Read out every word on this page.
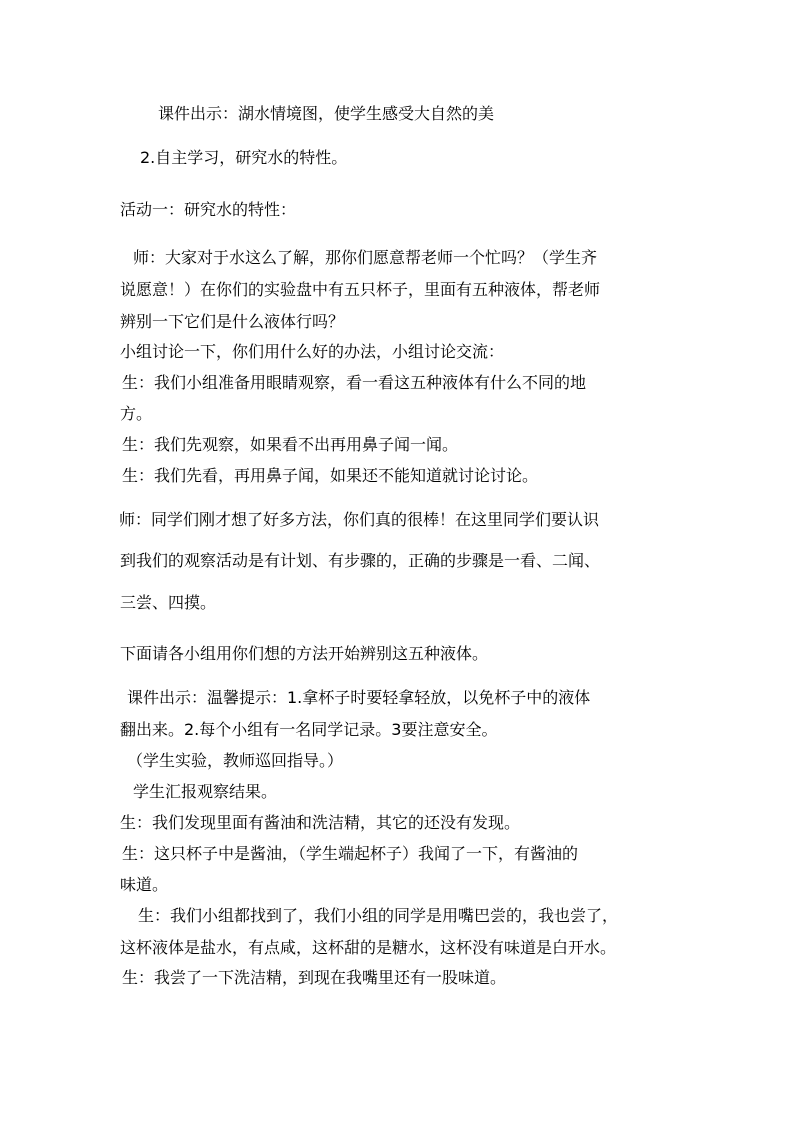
课件出示：湖水情境图，使学生感受大自然的美
2.自主学习，研究水的特性。
活动一：研究水的特性：
师：大家对于水这么了解，那你们愿意帮老师一个忙吗？（学生齐
说愿意！）在你们的实验盘中有五只杯子，里面有五种液体，帮老师
辨别一下它们是什么液体行吗？
小组讨论一下，你们用什么好的办法，小组讨论交流：
生：我们小组准备用眼睛观察，看一看这五种液体有什么不同的地
方。
生：我们先观察，如果看不出再用鼻子闻一闻。
生：我们先看，再用鼻子闻，如果还不能知道就讨论讨论。
师：同学们刚才想了好多方法，你们真的很棒！在这里同学们要认识
到我们的观察活动是有计划、有步骤的，正确的步骤是一看、二闻、
三尝、四摸。
下面请各小组用你们想的方法开始辨别这五种液体。
课件出示：温馨提示：1.拿杯子时要轻拿轻放，以免杯子中的液体
翻出来。2.每个小组有一名同学记录。3要注意安全。
（学生实验，教师巡回指导。）
学生汇报观察结果。
生：我们发现里面有酱油和洗洁精，其它的还没有发现。
生：这只杯子中是酱油，（学生端起杯子）我闻了一下，有酱油的
味道。
生：我们小组都找到了，我们小组的同学是用嘴巴尝的，我也尝了，
这杯液体是盐水，有点咸，这杯甜的是糖水，这杯没有味道是白开水。
生：我尝了一下洗洁精，到现在我嘴里还有一股味道。
